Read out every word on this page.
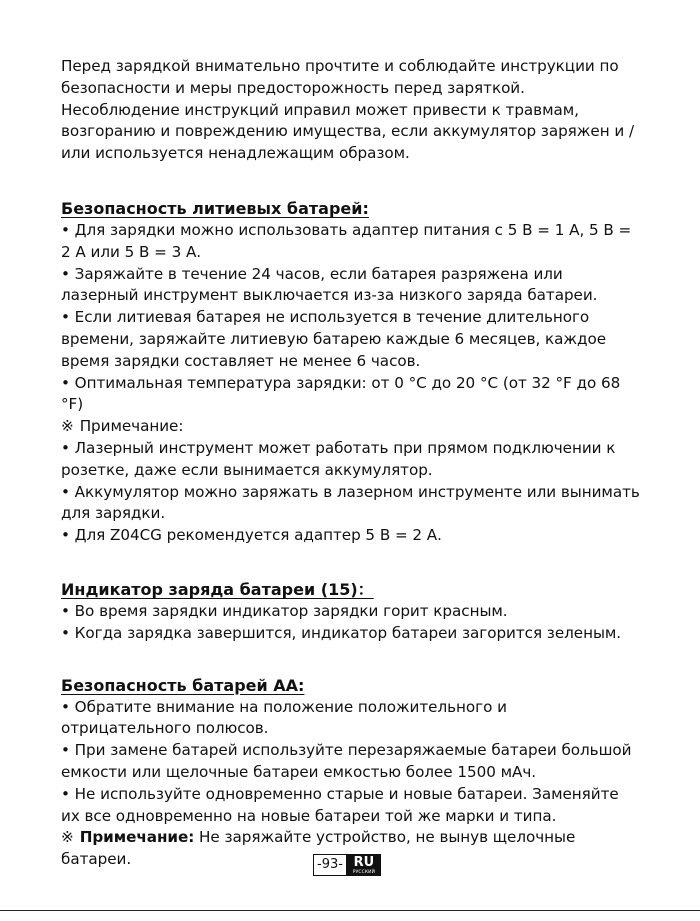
Перед зарядкой внимательно прочтите и соблюдайте инструкции по безопасности и меры предосторожность перед заряткой.

Несоблюдение инструкций иправил может привести к травмам, возгоранию и повреждению имущества, если аккумулятор заряжен и / или используется ненадлежащим образом.

Безопасность литиевых батарей:

• Для зарядки можно использовать адаптер питания с 5 В = 1 А, 5 В = 2 А или 5 В = 3 А.

• Заряжайте в течение 24 часов, если батарея разряжена или лазерный инструмент выключается из-за низкого заряда батареи.

• Если литиевая батарея не используется в течение длительного времени, заряжайте литиевую батарею каждые 6 месяцев, каждое время зарядки составляет не менее 6 часов.

• Оптимальная температура зарядки: от 0 °C до 20 °C (от 32 °F до 68 °F)

※ Примечание:

• Лазерный инструмент может работать при прямом подключении к розетке, даже если вынимается аккумулятор.

• Аккумулятор можно заряжать в лазерном инструменте или вынимать для зарядки.

• Для Z04CG рекомендуется адаптер 5 В = 2 А.

Индикатор заряда батареи (15)：

• Во время зарядки индикатор зарядки горит красным.

• Когда зарядка завершится, индикатор батареи загорится зеленым.

Безопасность батарей АА:

• Обратите внимание на положение положительного и отрицательного полюсов.

• При замене батарей используйте перезаряжаемые батареи большой емкости или щелочные батареи емкостью более 1500 мАч.

• Не используйте одновременно старые и новые батареи. Заменяйте их все одновременно на новые батареи той же марки и типа.

※ Примечание: Не заряжайте устройство, не вынув щелочные батареи.	-93- RU
РУССКИЙ
